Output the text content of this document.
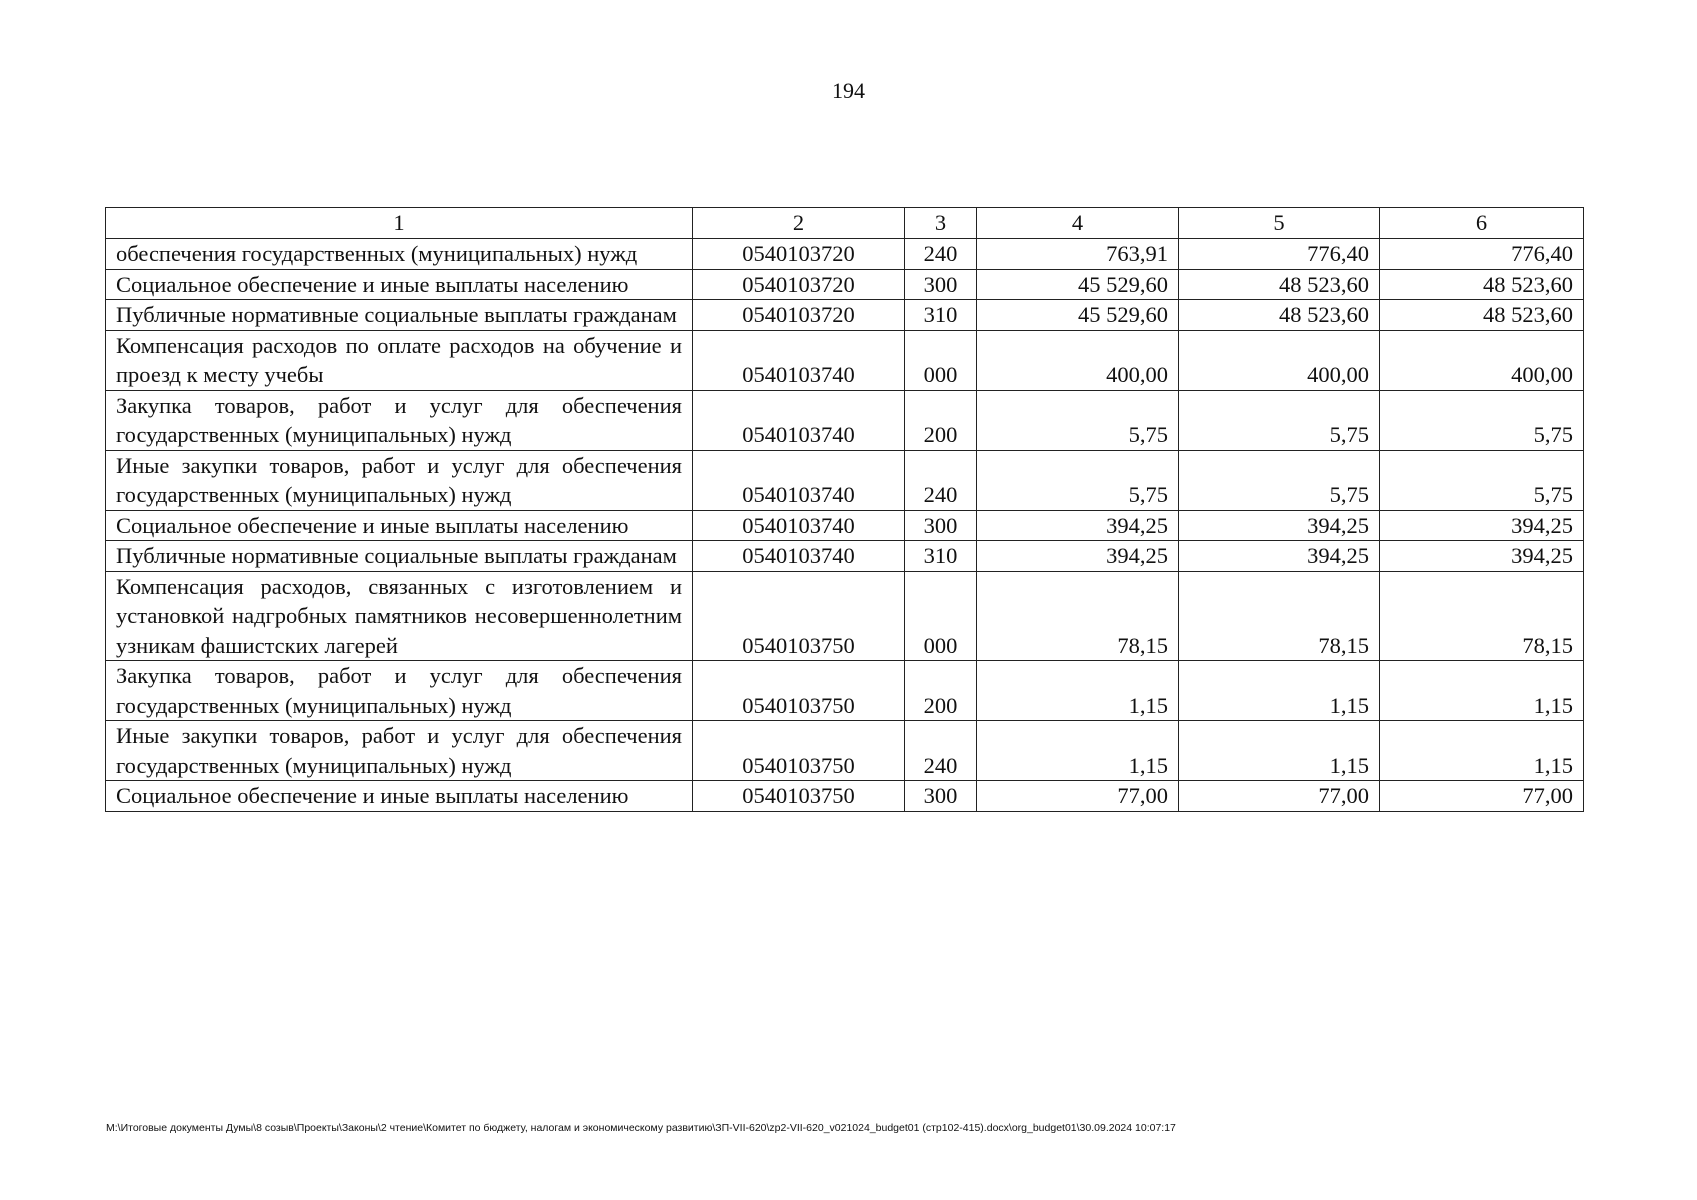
194
1	2	3	4	5	6
обеспечения государственных (муниципальных) нужд	0540103720	240	763,91	776,40	776,40
Социальное обеспечение и иные выплаты населению	0540103720	300	45 529,60	48 523,60	48 523,60
Публичные нормативные социальные выплаты гражданам	0540103720	310	45 529,60	48 523,60	48 523,60
Компенсация расходов по оплате расходов на обучение и проезд к месту учебы	0540103740	000	400,00	400,00	400,00
Закупка товаров, работ и услуг для обеспечения государственных (муниципальных) нужд	0540103740	200	5,75	5,75	5,75
Иные закупки товаров, работ и услуг для обеспечения государственных (муниципальных) нужд	0540103740	240	5,75	5,75	5,75
Социальное обеспечение и иные выплаты населению	0540103740	300	394,25	394,25	394,25
Публичные нормативные социальные выплаты гражданам	0540103740	310	394,25	394,25	394,25
Компенсация расходов, связанных с изготовлением и установкой надгробных памятников несовершеннолетним узникам фашистских лагерей	0540103750	000	78,15	78,15	78,15
Закупка товаров, работ и услуг для обеспечения государственных (муниципальных) нужд	0540103750	200	1,15	1,15	1,15
Иные закупки товаров, работ и услуг для обеспечения государственных (муниципальных) нужд	0540103750	240	1,15	1,15	1,15
Социальное обеспечение и иные выплаты населению	0540103750	300	77,00	77,00	77,00
М:\Итоговые документы Думы\8 созыв\Проекты\Законы\2 чтение\Комитет по бюджету, налогам и экономическому развитию\ЗП-VII-620\zp2-VII-620_v021024_budget01 (стр102-415).docx\org_budget01\30.09.2024 10:07:17
